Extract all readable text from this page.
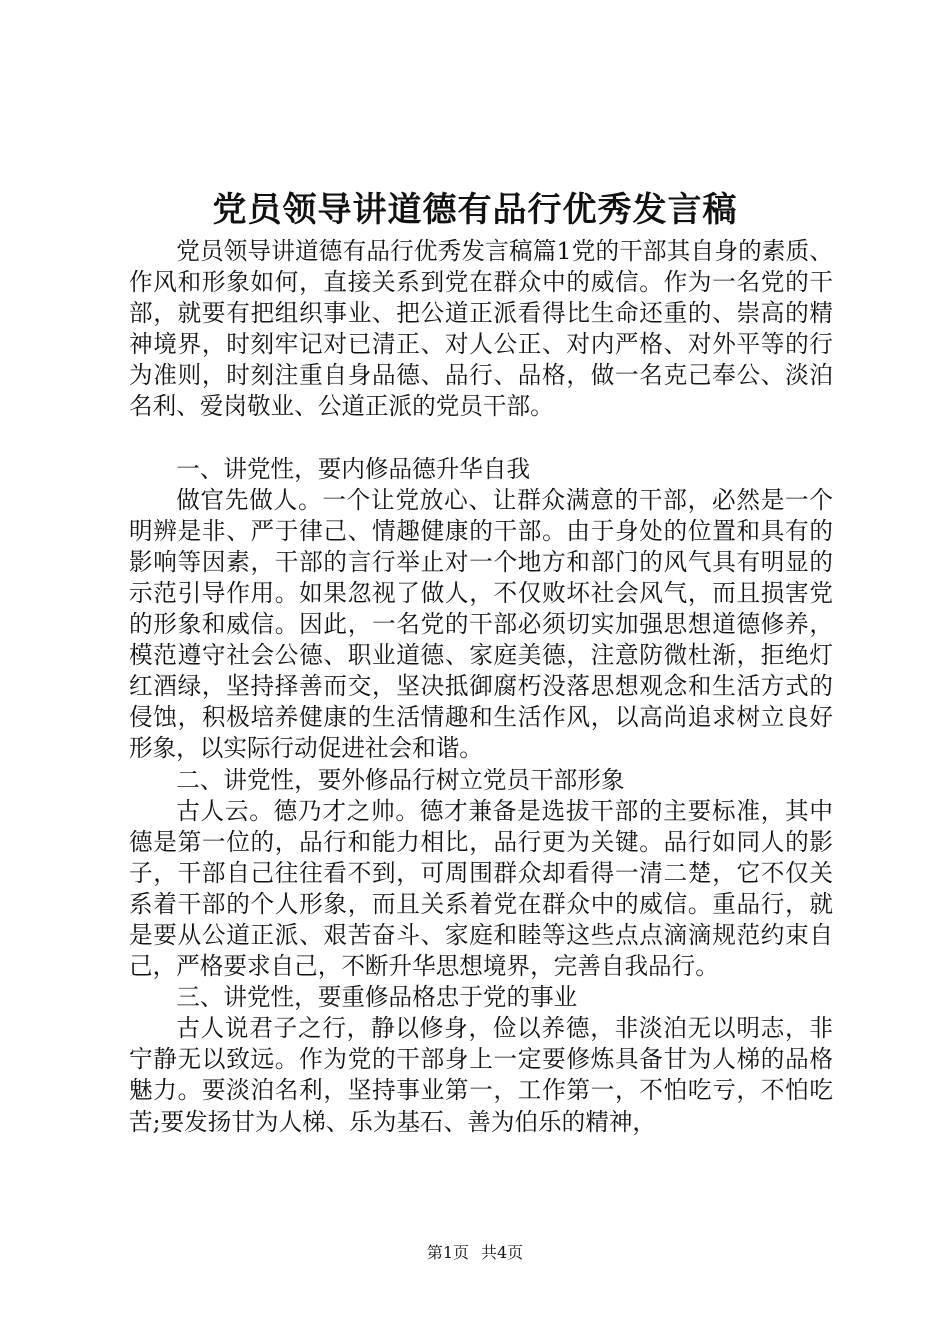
党员领导讲道德有品行优秀发言稿

党员领导讲道德有品行优秀发言稿篇1党的干部其自身的素质、作风和形象如何，直接关系到党在群众中的威信。作为一名党的干部，就要有把组织事业、把公道正派看得比生命还重的、崇高的精神境界，时刻牢记对已清正、对人公正、对内严格、对外平等的行为准则，时刻注重自身品德、品行、品格，做一名克己奉公、淡泊名利、爱岗敬业、公道正派的党员干部。

一、讲党性，要内修品德升华自我

做官先做人。一个让党放心、让群众满意的干部，必然是一个明辨是非、严于律己、情趣健康的干部。由于身处的位置和具有的影响等因素，干部的言行举止对一个地方和部门的风气具有明显的示范引导作用。如果忽视了做人，不仅败坏社会风气，而且损害党的形象和威信。因此，一名党的干部必须切实加强思想道德修养，模范遵守社会公德、职业道德、家庭美德，注意防微杜渐，拒绝灯红酒绿，坚持择善而交，坚决抵御腐朽没落思想观念和生活方式的侵蚀，积极培养健康的生活情趣和生活作风，以高尚追求树立良好形象，以实际行动促进社会和谐。

二、讲党性，要外修品行树立党员干部形象

古人云。德乃才之帅。德才兼备是选拔干部的主要标准，其中德是第一位的，品行和能力相比，品行更为关键。品行如同人的影子，干部自己往往看不到，可周围群众却看得一清二楚，它不仅关系着干部的个人形象，而且关系着党在群众中的威信。重品行，就是要从公道正派、艰苦奋斗、家庭和睦等这些点点滴滴规范约束自己，严格要求自己，不断升华思想境界，完善自我品行。

三、讲党性，要重修品格忠于党的事业

古人说君子之行，静以修身，俭以养德，非淡泊无以明志，非宁静无以致远。作为党的干部身上一定要修炼具备甘为人梯的品格魅力。要淡泊名利，坚持事业第一，工作第一，不怕吃亏，不怕吃苦;要发扬甘为人梯、乐为基石、善为伯乐的精神，

第1页 共4页
